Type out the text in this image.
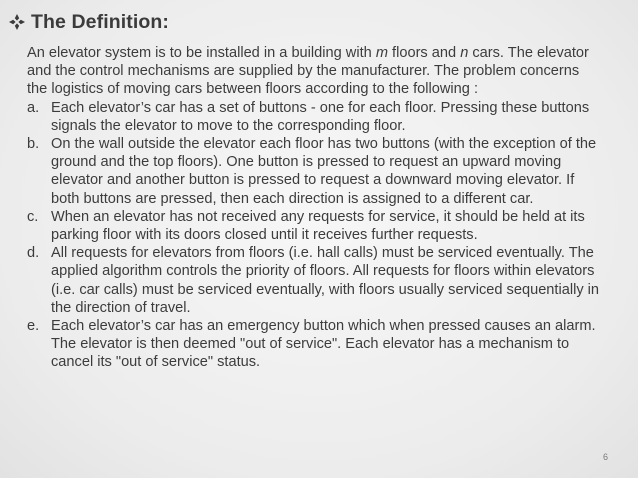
The Definition:

An elevator system is to be installed in a building with m floors and n cars. The elevator and the control mechanisms are supplied by the manufacturer. The problem concerns the logistics of moving cars between floors according to the following :

a. Each elevator’s car has a set of buttons - one for each floor. Pressing these buttons signals the elevator to move to the corresponding floor.
b. On the wall outside the elevator each floor has two buttons (with the exception of the ground and the top floors). One button is pressed to request an upward moving elevator and another button is pressed to request a downward moving elevator. If both buttons are pressed, then each direction is assigned to a different car.
c. When an elevator has not received any requests for service, it should be held at its parking floor with its doors closed until it receives further requests.
d. All requests for elevators from floors (i.e. hall calls) must be serviced eventually. The applied algorithm controls the priority of floors. All requests for floors within elevators (i.e. car calls) must be serviced eventually, with floors usually serviced sequentially in the direction of travel.
e. Each elevator’s car has an emergency button which when pressed causes an alarm. The elevator is then deemed "out of service". Each elevator has a mechanism to cancel its "out of service" status.
6
